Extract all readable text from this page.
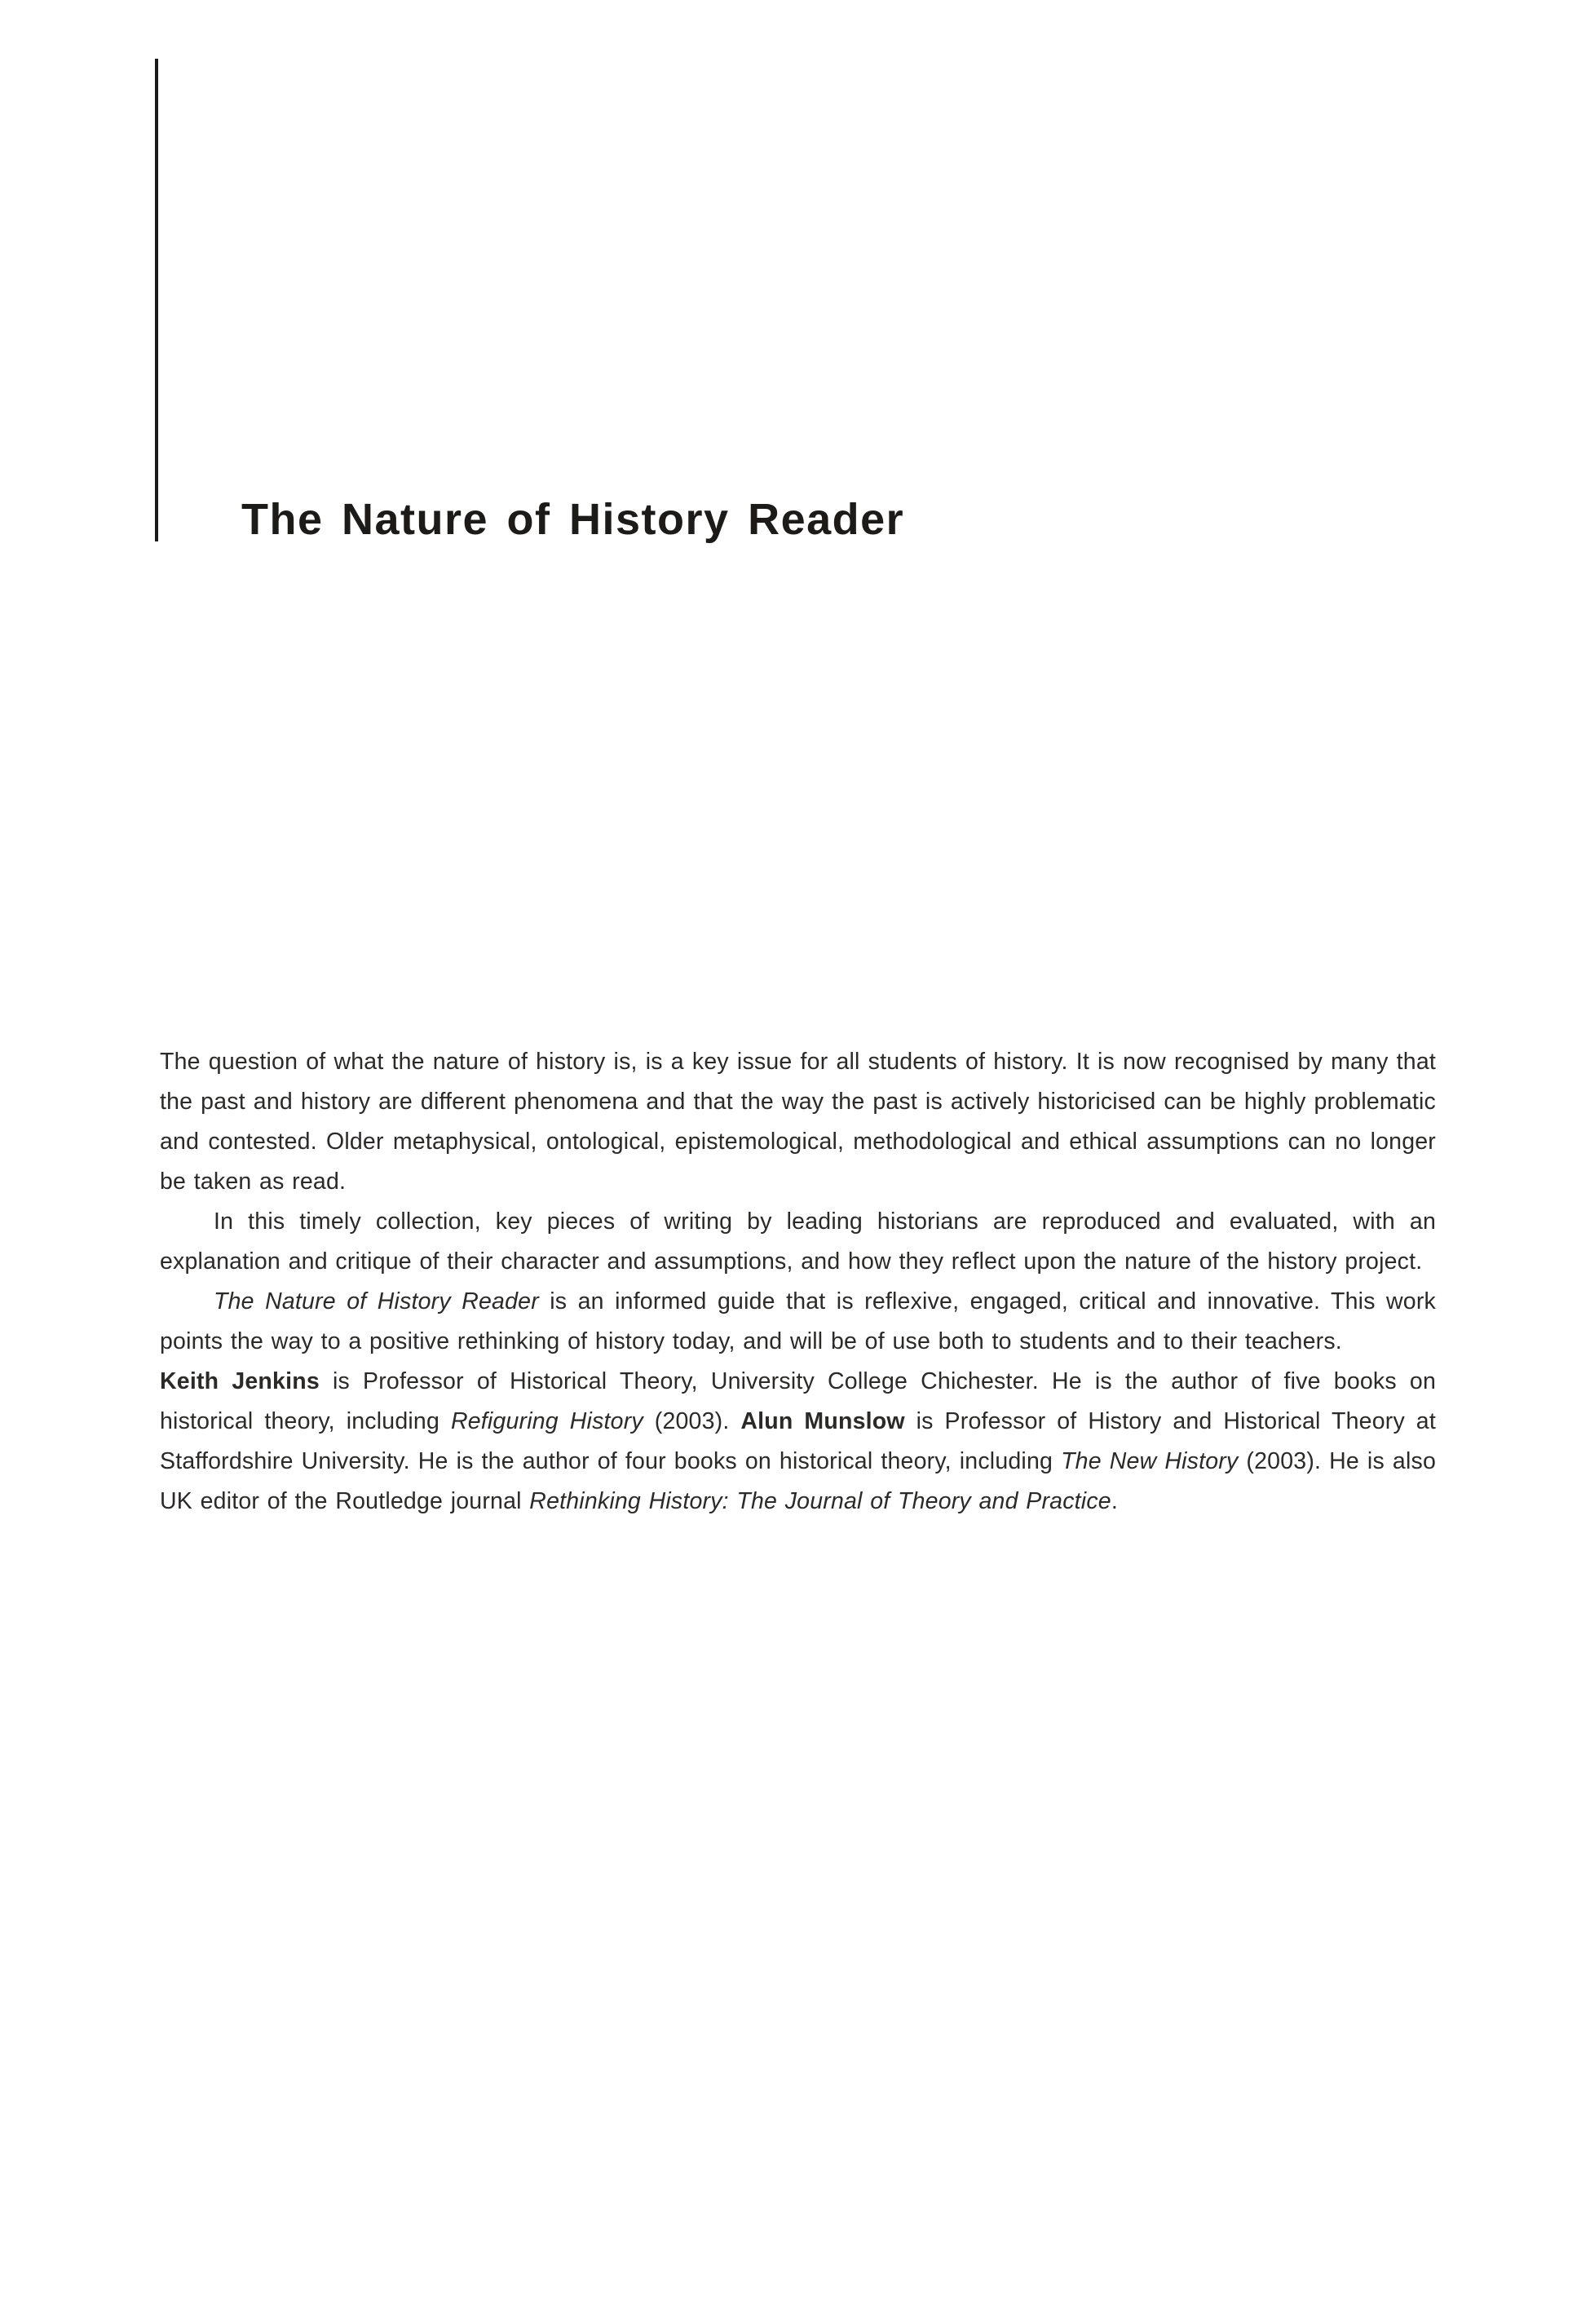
The Nature of History Reader

The question of what the nature of history is, is a key issue for all students of history. It is now recognised by many that the past and history are different phenomena and that the way the past is actively historicised can be highly problematic and contested. Older metaphysical, ontological, epistemological, methodological and ethical assumptions can no longer be taken as read.

In this timely collection, key pieces of writing by leading historians are reproduced and evaluated, with an explanation and critique of their character and assumptions, and how they reflect upon the nature of the history project.

The Nature of History Reader is an informed guide that is reflexive, engaged, critical and innovative. This work points the way to a positive rethinking of history today, and will be of use both to students and to their teachers.

Keith Jenkins is Professor of Historical Theory, University College Chichester. He is the author of five books on historical theory, including Refiguring History (2003). Alun Munslow is Professor of History and Historical Theory at Staffordshire University. He is the author of four books on historical theory, including The New History (2003). He is also UK editor of the Routledge journal Rethinking History: The Journal of Theory and Practice.
